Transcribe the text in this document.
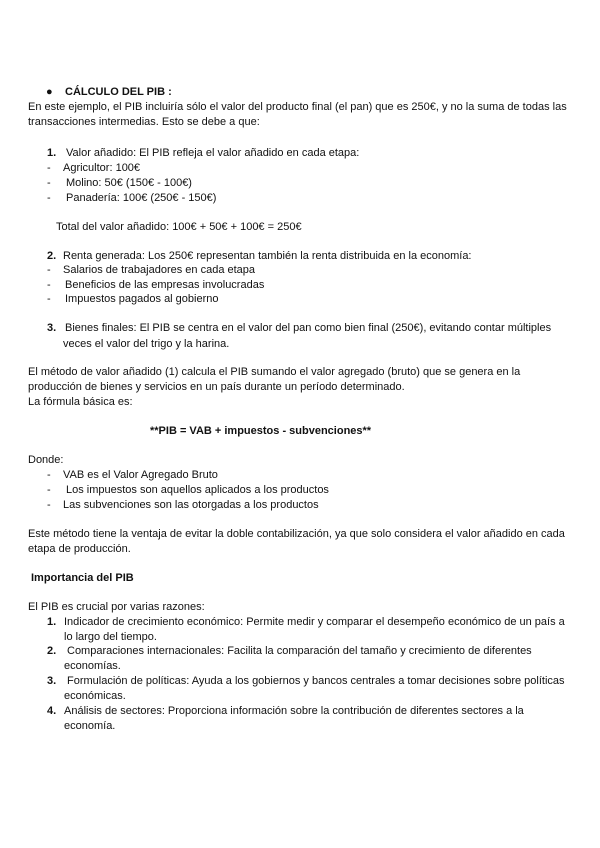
● CÁLCULO DEL PIB :
En este ejemplo, el PIB incluiría sólo el valor del producto final (el pan) que es 250€, y no la suma de todas las
transacciones intermedias. Esto se debe a que:
1. Valor añadido: El PIB refleja el valor añadido en cada etapa:
- Agricultor: 100€
- Molino: 50€ (150€ - 100€)
- Panadería: 100€ (250€ - 150€)
Total del valor añadido: 100€ + 50€ + 100€ = 250€
2. Renta generada: Los 250€ representan también la renta distribuida en la economía:
- Salarios de trabajadores en cada etapa
- Beneficios de las empresas involucradas
- Impuestos pagados al gobierno
3. Bienes finales: El PIB se centra en el valor del pan como bien final (250€), evitando contar múltiples
veces el valor del trigo y la harina.
El método de valor añadido (1) calcula el PIB sumando el valor agregado (bruto) que se genera en la
producción de bienes y servicios en un país durante un período determinado.
La fórmula básica es:
**PIB = VAB + impuestos - subvenciones**
Donde:
- VAB es el Valor Agregado Bruto
- Los impuestos son aquellos aplicados a los productos
- Las subvenciones son las otorgadas a los productos
Este método tiene la ventaja de evitar la doble contabilización, ya que solo considera el valor añadido en cada
etapa de producción.
Importancia del PIB
El PIB es crucial por varias razones:
1. Indicador de crecimiento económico: Permite medir y comparar el desempeño económico de un país a
lo largo del tiempo.
2. Comparaciones internacionales: Facilita la comparación del tamaño y crecimiento de diferentes
economías.
3. Formulación de políticas: Ayuda a los gobiernos y bancos centrales a tomar decisiones sobre políticas
económicas.
4. Análisis de sectores: Proporciona información sobre la contribución de diferentes sectores a la
economía.
